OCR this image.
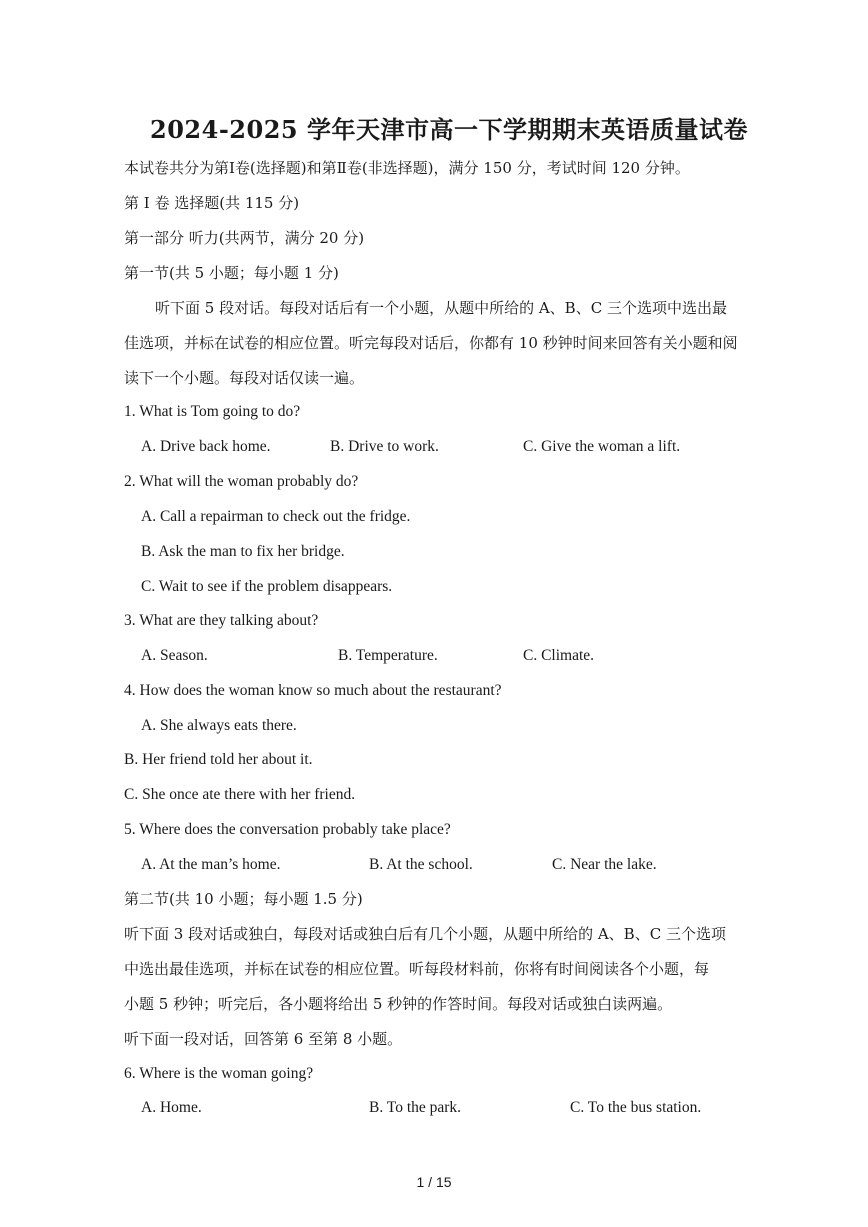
2024-2025 学年天津市高一下学期期末英语质量试卷
本试卷共分为第Ⅰ卷(选择题)和第Ⅱ卷(非选择题)，满分 150 分，考试时间 120 分钟。
第 I 卷 选择题(共 115 分)
第一部分 听力(共两节，满分 20 分)
第一节(共 5 小题；每小题 1 分)
听下面 5 段对话。每段对话后有一个小题，从题中所给的 A、B、C 三个选项中选出最
佳选项，并标在试卷的相应位置。听完每段对话后，你都有 10 秒钟时间来回答有关小题和阅
读下一个小题。每段对话仅读一遍。
1. What is Tom going to do?
A. Drive back home.	B. Drive to work.	C. Give the woman a lift.
2. What will the woman probably do?
A. Call a repairman to check out the fridge.
B. Ask the man to fix her bridge.
C. Wait to see if the problem disappears.
3. What are they talking about?
A. Season.	B. Temperature.	C. Climate.
4. How does the woman know so much about the restaurant?
A. She always eats there.
B. Her friend told her about it.
C. She once ate there with her friend.
5. Where does the conversation probably take place?
A. At the man’s home.	B. At the school.	C. Near the lake.
第二节(共 10 小题；每小题 1.5 分)
听下面 3 段对话或独白，每段对话或独白后有几个小题，从题中所给的 A、B、C 三个选项
中选出最佳选项，并标在试卷的相应位置。听每段材料前，你将有时间阅读各个小题，每
小题 5 秒钟；听完后，各小题将给出 5 秒钟的作答时间。每段对话或独白读两遍。
听下面一段对话，回答第 6 至第 8 小题。
6. Where is the woman going?
A. Home.	B. To the park.	C. To the bus station.
1 / 15
